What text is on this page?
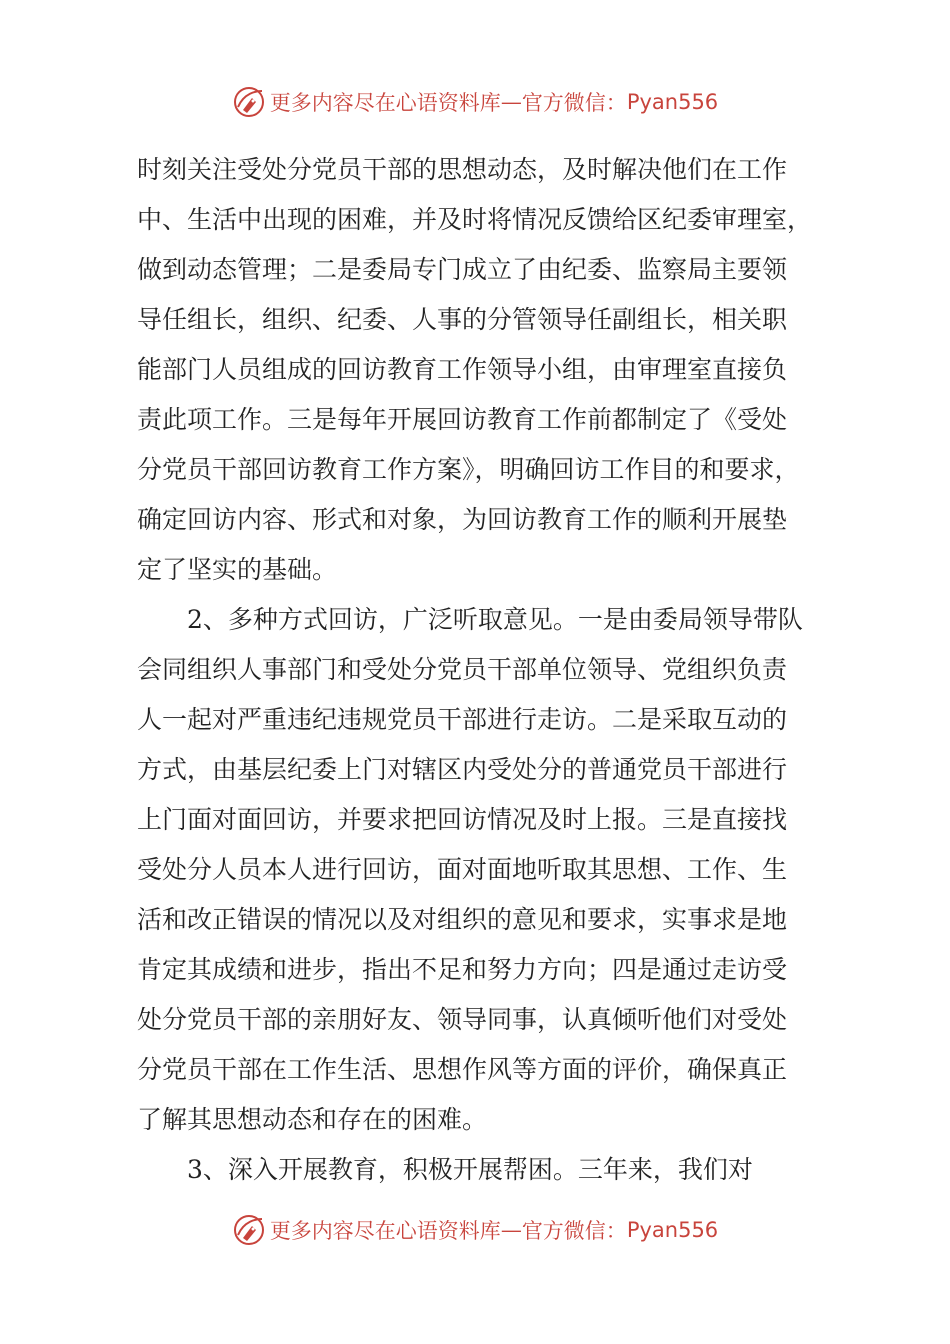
更多内容尽在心语资料库 — 官方微信： Pyan556
时刻关注受处分党员干部的思想动态，及时解决他们在工作
中、生活中出现的困难，并及时将情况反馈给区纪委审理室，
做到动态管理；二是委局专门成立了由纪委、监察局主要领
导任组长，组织、纪委、人事的分管领导任副组长，相关职
能部门人员组成的回访教育工作领导小组，由审理室直接负
责此项工作。三是每年开展回访教育工作前都制定了《受处
分党员干部回访教育工作方案》，明确回访工作目的和要求，
确定回访内容、形式和对象，为回访教育工作的顺利开展垫
定了坚实的基础。
2、多种方式回访，广泛听取意见。一是由委局领导带队
会同组织人事部门和受处分党员干部单位领导、党组织负责
人一起对严重违纪违规党员干部进行走访。二是采取互动的
方式，由基层纪委上门对辖区内受处分的普通党员干部进行
上门面对面回访，并要求把回访情况及时上报。三是直接找
受处分人员本人进行回访，面对面地听取其思想、工作、生
活和改正错误的情况以及对组织的意见和要求，实事求是地
肯定其成绩和进步，指出不足和努力方向；四是通过走访受
处分党员干部的亲朋好友、领导同事，认真倾听他们对受处
分党员干部在工作生活、思想作风等方面的评价，确保真正
了解其思想动态和存在的困难。
3、深入开展教育，积极开展帮困。三年来，我们对
更多内容尽在心语资料库 — 官方微信： Pyan556
